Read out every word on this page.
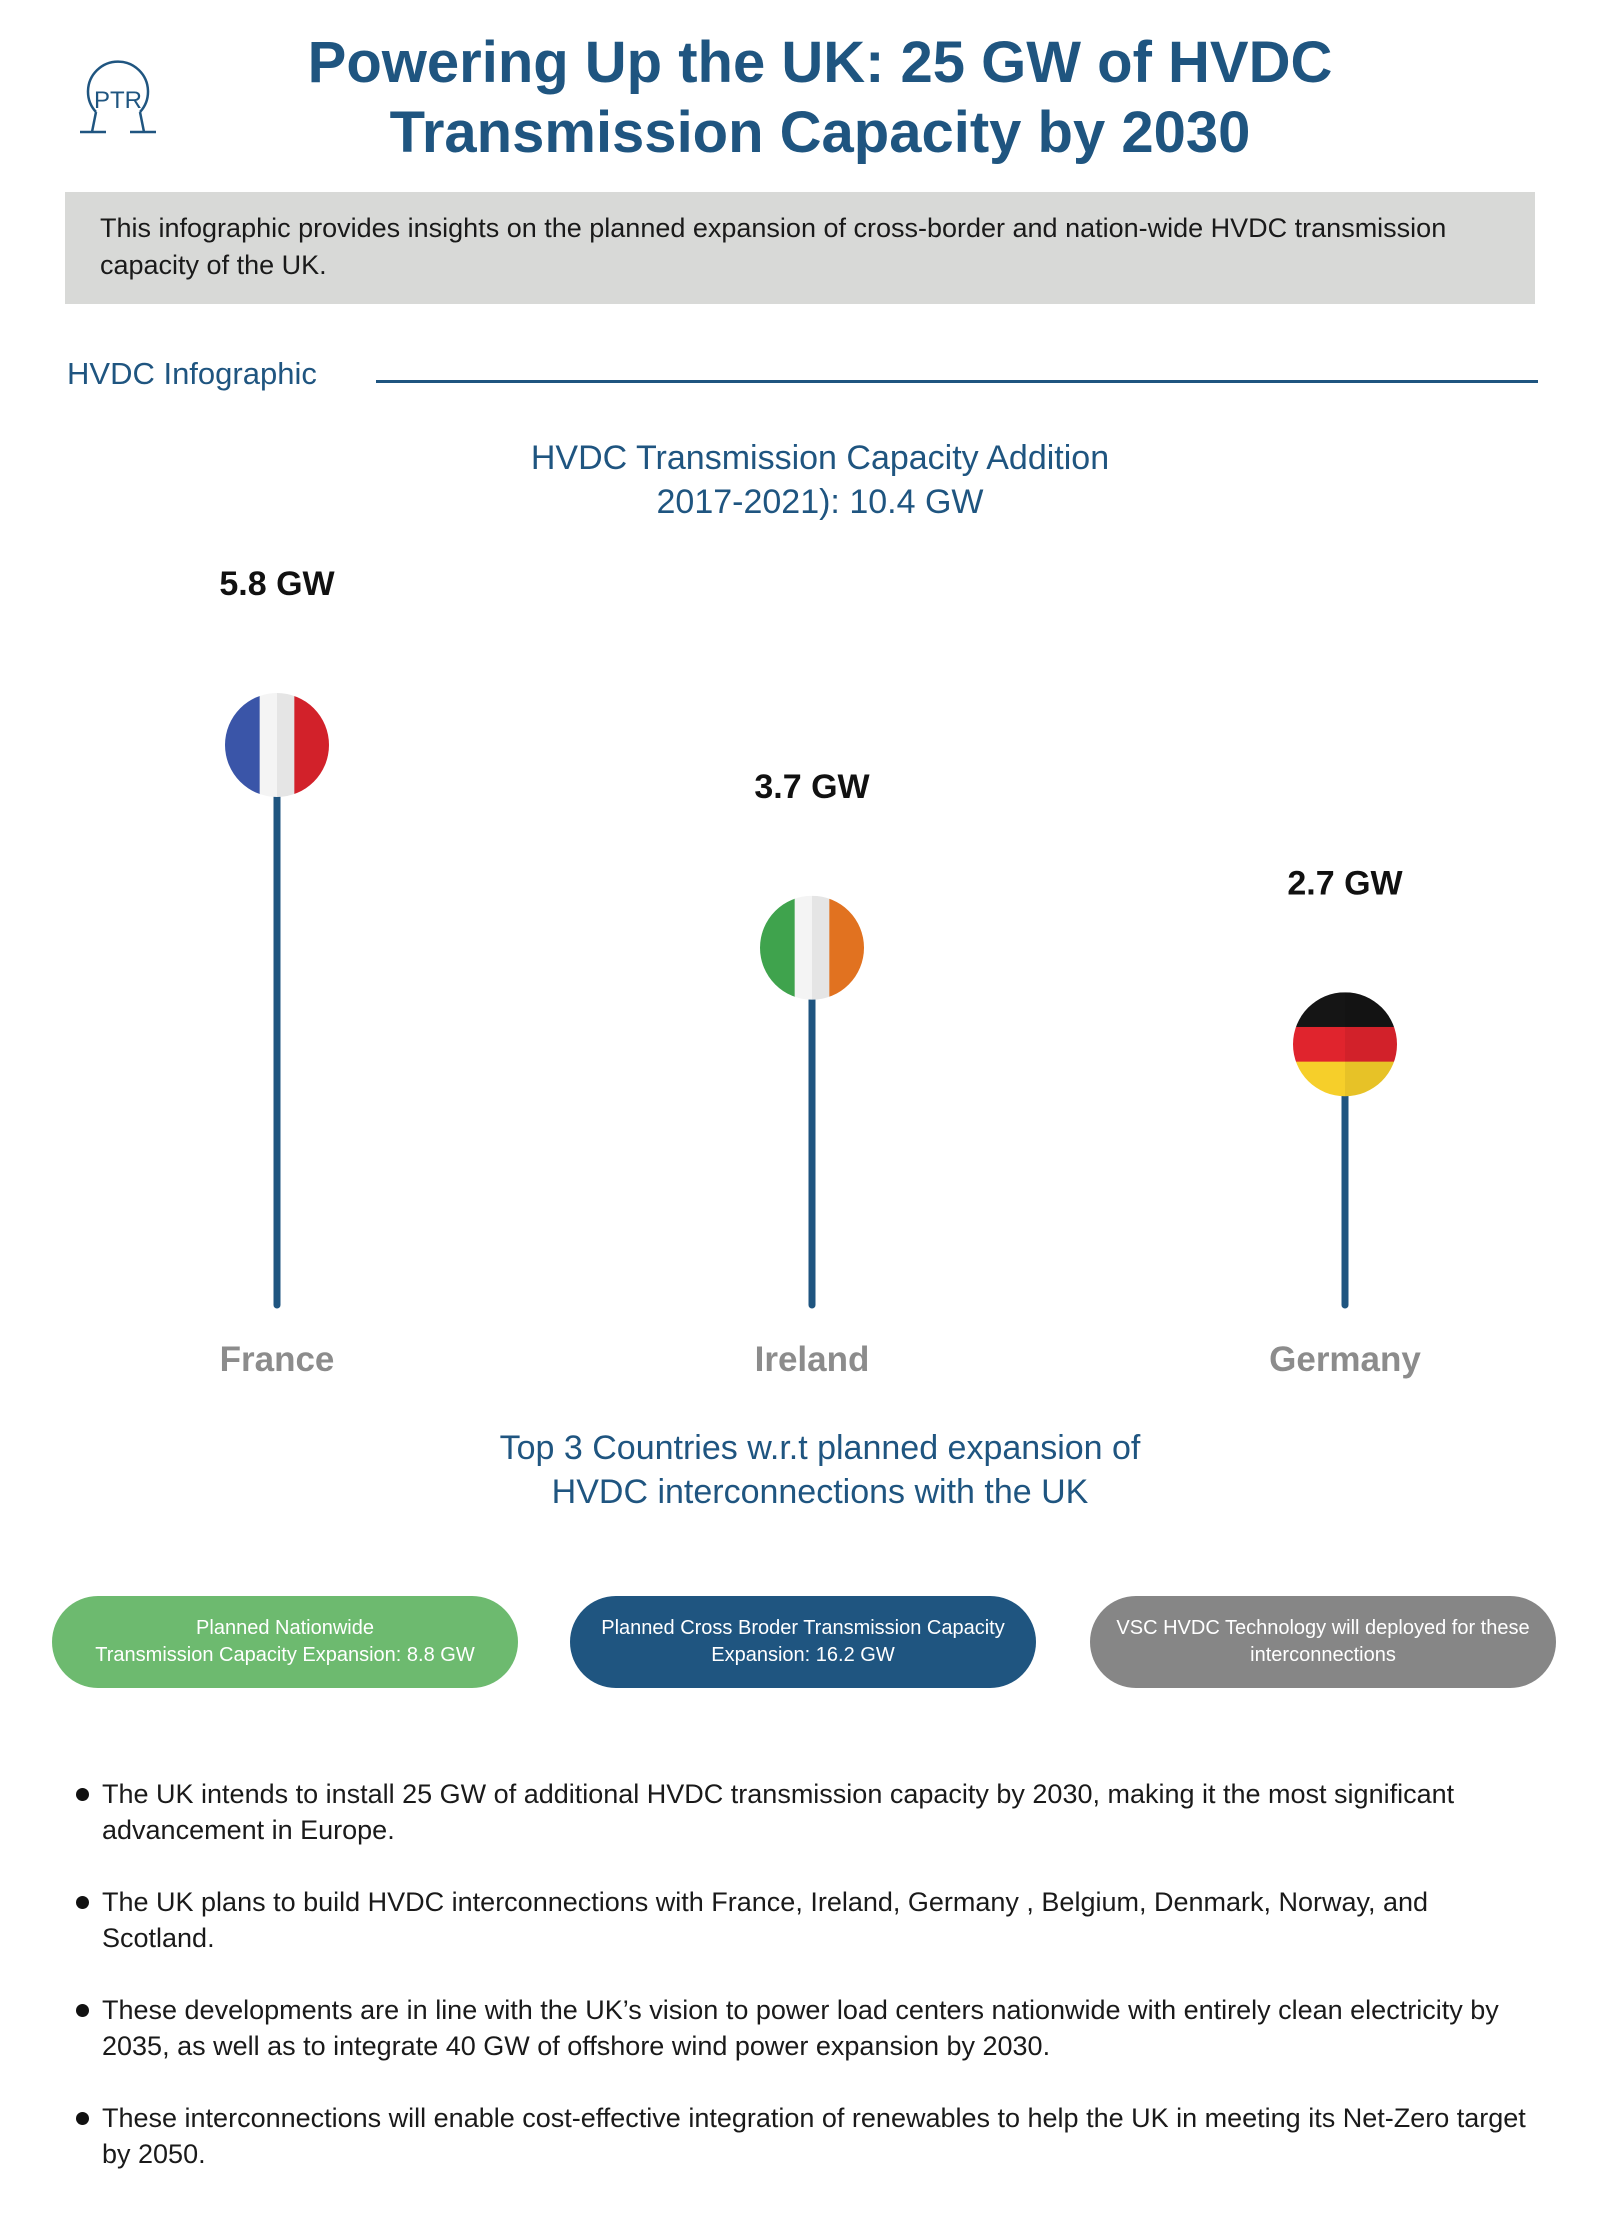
PTR
Powering Up the UK: 25 GW of HVDC
Transmission Capacity by 2030
This infographic provides insights on the planned expansion of cross-border and nation-wide HVDC transmission capacity of the UK.
HVDC Infographic
HVDC Transmission Capacity Addition
2017-2021): 10.4 GW
5.8 GW
France
3.7 GW
Ireland
2.7 GW
Germany
Top 3 Countries w.r.t planned expansion of
HVDC interconnections with the UK
Planned Nationwide
Transmission Capacity Expansion: 8.8 GW
Planned Cross Broder Transmission Capacity
Expansion: 16.2 GW
VSC HVDC Technology will deployed for these
interconnections
The UK intends to install 25 GW of additional HVDC transmission capacity by 2030, making it the most significant advancement in Europe.
The UK plans to build HVDC interconnections with France, Ireland, Germany , Belgium, Denmark, Norway, and Scotland.
These developments are in line with the UK’s vision to power load centers nationwide with entirely clean electricity by 2035, as well as to integrate 40 GW of offshore wind power expansion by 2030.
These interconnections will enable cost-effective integration of renewables to help the UK in meeting its Net-Zero target by 2050.
